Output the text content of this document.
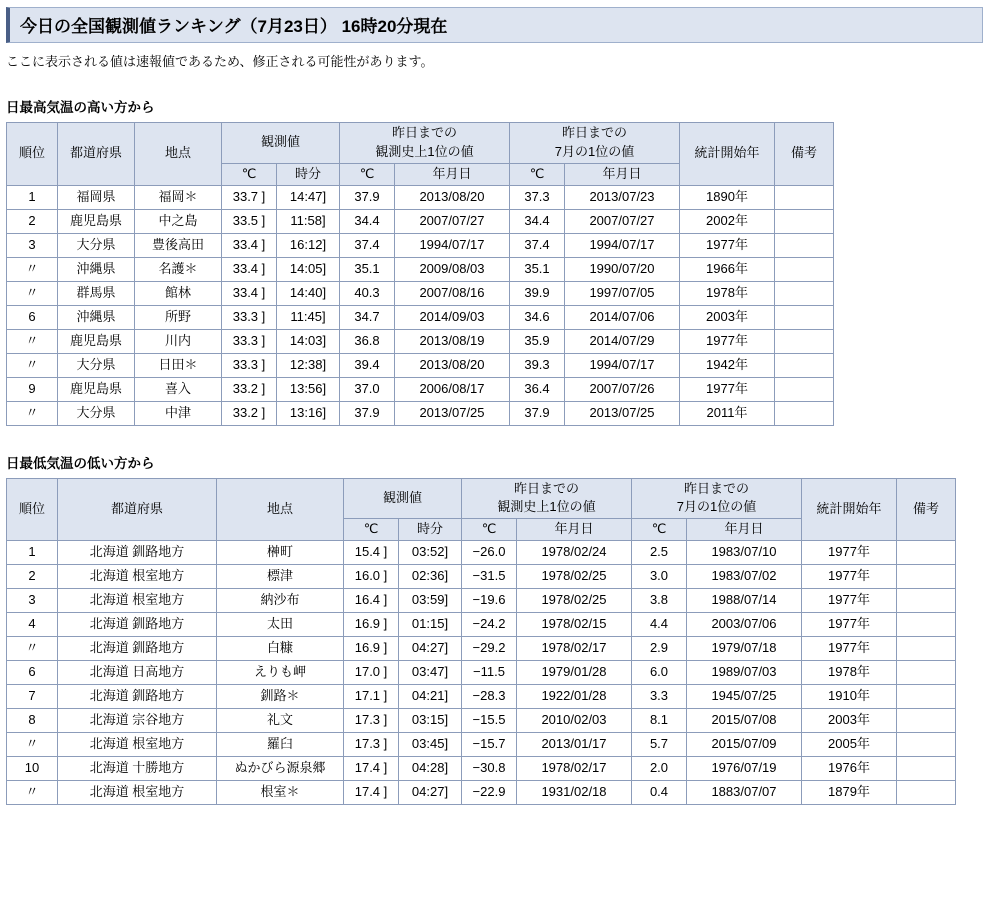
今日の全国観測値ランキング（7月23日） 16時20分現在
ここに表示される値は速報値であるため、修正される可能性があります。
日最高気温の高い方から
順位	都道府県	地点	観測値	
昨日までの
観測史上1位の値

昨日までの
7月の1位の値	統計開始年	備考
			℃	時分	℃	年月日	℃	年月日		
1	福岡県	福岡＊	33.7 ]	14:47]	37.9	2013/08/20	37.3	2013/07/23	1890年	
2	鹿児島県	中之島	33.5 ]	11:58]	34.4	2007/07/27	34.4	2007/07/27	2002年	
3	大分県	豊後高田	33.4 ]	16:12]	37.4	1994/07/17	37.4	1994/07/17	1977年	
〃	沖縄県	名護＊	33.4 ]	14:05]	35.1	2009/08/03	35.1	1990/07/20	1966年	
〃	群馬県	館林	33.4 ]	14:40]	40.3	2007/08/16	39.9	1997/07/05	1978年	
6	沖縄県	所野	33.3 ]	11:45]	34.7	2014/09/03	34.6	2014/07/06	2003年	
〃	鹿児島県	川内	33.3 ]	14:03]	36.8	2013/08/19	35.9	2014/07/29	1977年	
〃	大分県	日田＊	33.3 ]	12:38]	39.4	2013/08/20	39.3	1994/07/17	1942年	
9	鹿児島県	喜入	33.2 ]	13:56]	37.0	2006/08/17	36.4	2007/07/26	1977年	
〃	大分県	中津	33.2 ]	13:16]	37.9	2013/07/25	37.9	2013/07/25	2011年	
日最低気温の低い方から
順位	都道府県	地点	観測値	
昨日までの
観測史上1位の値

昨日までの
7月の1位の値	統計開始年	備考
			℃	時分	℃	年月日	℃	年月日		
1	北海道 釧路地方	榊町	15.4 ]	03:52]	−26.0	1978/02/24	2.5	1983/07/10	1977年	
2	北海道 根室地方	標津	16.0 ]	02:36]	−31.5	1978/02/25	3.0	1983/07/02	1977年	
3	北海道 根室地方	納沙布	16.4 ]	03:59]	−19.6	1978/02/25	3.8	1988/07/14	1977年	
4	北海道 釧路地方	太田	16.9 ]	01:15]	−24.2	1978/02/15	4.4	2003/07/06	1977年	
〃	北海道 釧路地方	白糠	16.9 ]	04:27]	−29.2	1978/02/17	2.9	1979/07/18	1977年	
6	北海道 日高地方	えりも岬	17.0 ]	03:47]	−11.5	1979/01/28	6.0	1989/07/03	1978年	
7	北海道 釧路地方	釧路＊	17.1 ]	04:21]	−28.3	1922/01/28	3.3	1945/07/25	1910年	
8	北海道 宗谷地方	礼文	17.3 ]	03:15]	−15.5	2010/02/03	8.1	2015/07/08	2003年	
〃	北海道 根室地方	羅臼	17.3 ]	03:45]	−15.7	2013/01/17	5.7	2015/07/09	2005年	
10	北海道 十勝地方	ぬかびら源泉郷	17.4 ]	04:28]	−30.8	1978/02/17	2.0	1976/07/19	1976年	
〃	北海道 根室地方	根室＊	17.4 ]	04:27]	−22.9	1931/02/18	0.4	1883/07/07	1879年	
